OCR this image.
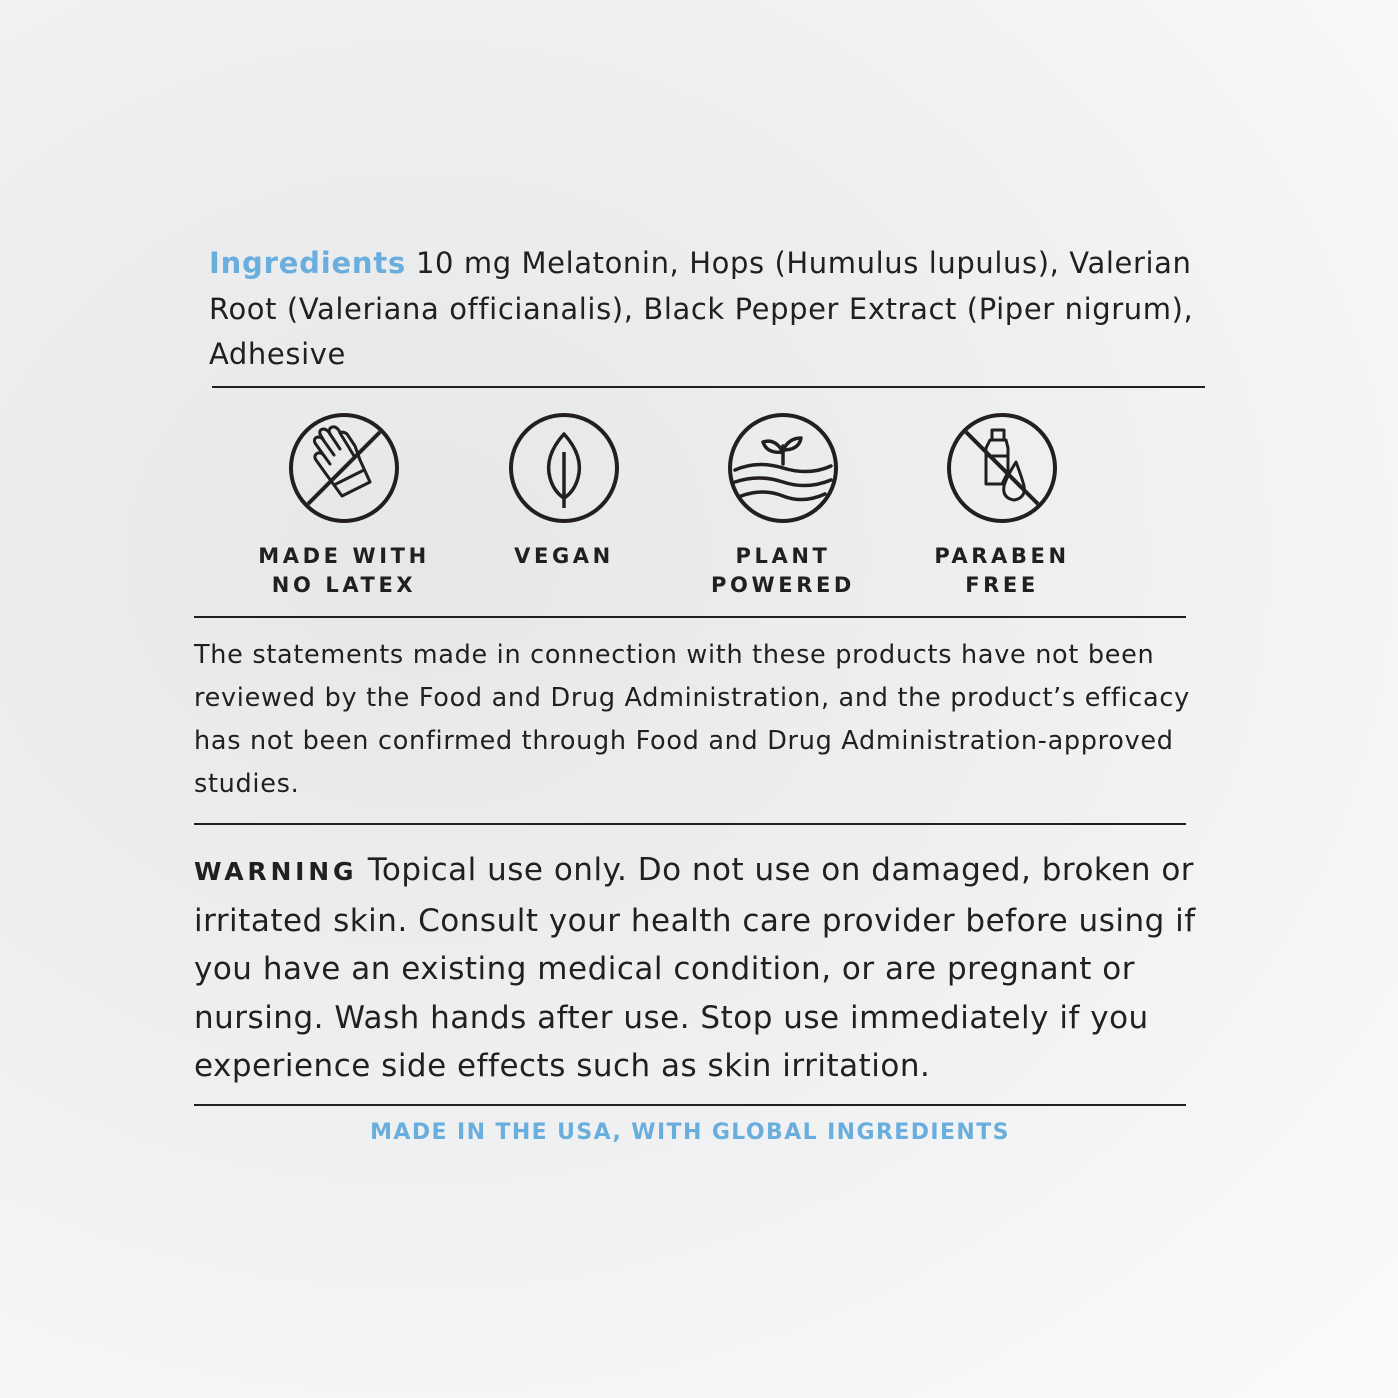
Ingredients 10 mg Melatonin, Hops (Humulus lupulus), Valerian Root (Valeriana officianalis), Black Pepper Extract (Piper nigrum), Adhesive
MADE WITH
NO LATEX
VEGAN	PLANT
POWERED
PARABEN
FREE
The statements made in connection with these products have not been reviewed by the Food and Drug Administration, and the product’s efficacy has not been confirmed through Food and Drug Administration-approved studies.
WARNING Topical use only. Do not use on damaged, broken or irritated skin. Consult your health care provider before using if you have an existing medical condition, or are pregnant or nursing. Wash hands after use. Stop use immediately if you experience side effects such as skin irritation.
MADE IN THE USA, WITH GLOBAL INGREDIENTS
